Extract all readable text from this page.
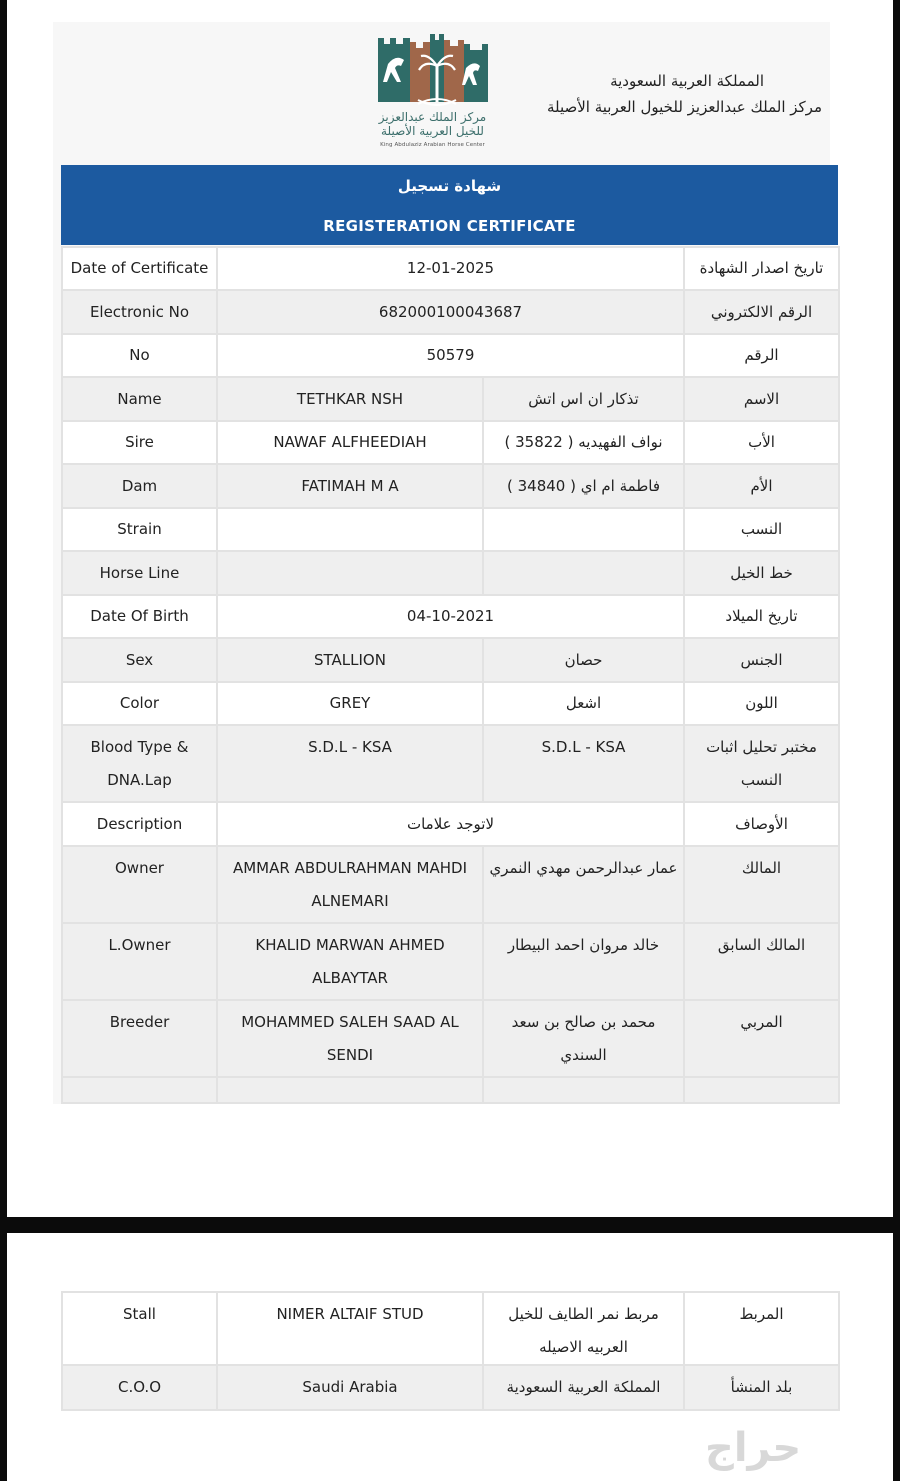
مركز الملك عبدالعزيز
للخيل العربية الأصيلة
King Abdulaziz Arabian Horse Center
المملكة العربية السعودية
مركز الملك عبدالعزيز للخيول العربية الأصيلة
شهادة تسجيل
REGISTERATION CERTIFICATE
Date of Certificate	12-01-2025		تاريخ اصدار الشهادة
Electronic No	682000100043687		الرقم الالكتروني
No	50579		الرقم
Name	TETHKAR NSH	تذكار ان اس اتش	الاسم
Sire	NAWAF ALFHEEDIAH	نواف الفهيديه ( 35822 )	الأب
Dam	FATIMAH M A	فاطمة ام اي ( 34840 )	الأم
Strain			النسب
Horse Line			خط الخيل
Date Of Birth	04-10-2021		تاريخ الميلاد
Sex	STALLION	حصان	الجنس
Color	GREY	اشعل	اللون
Blood Type & DNA.Lap	S.D.L - KSA	S.D.L - KSA	مختبر تحليل اثبات النسب
Description	لاتوجد علامات		الأوصاف
Owner	AMMAR ABDULRAHMAN MAHDI ALNEMARI	عمار عبدالرحمن مهدي النمري	المالك
L.Owner	KHALID MARWAN AHMED ALBAYTAR	خالد مروان احمد البيطار	المالك السابق
Breeder	MOHAMMED SALEH SAAD AL SENDI	محمد بن صالح بن سعد السندي	المربي

Stall	NIMER ALTAIF STUD	مربط نمر الطايف للخيل العربيه الاصيله	المربط
C.O.O	Saudi Arabia	المملكة العربية السعودية	بلد المنشأ
حراج
